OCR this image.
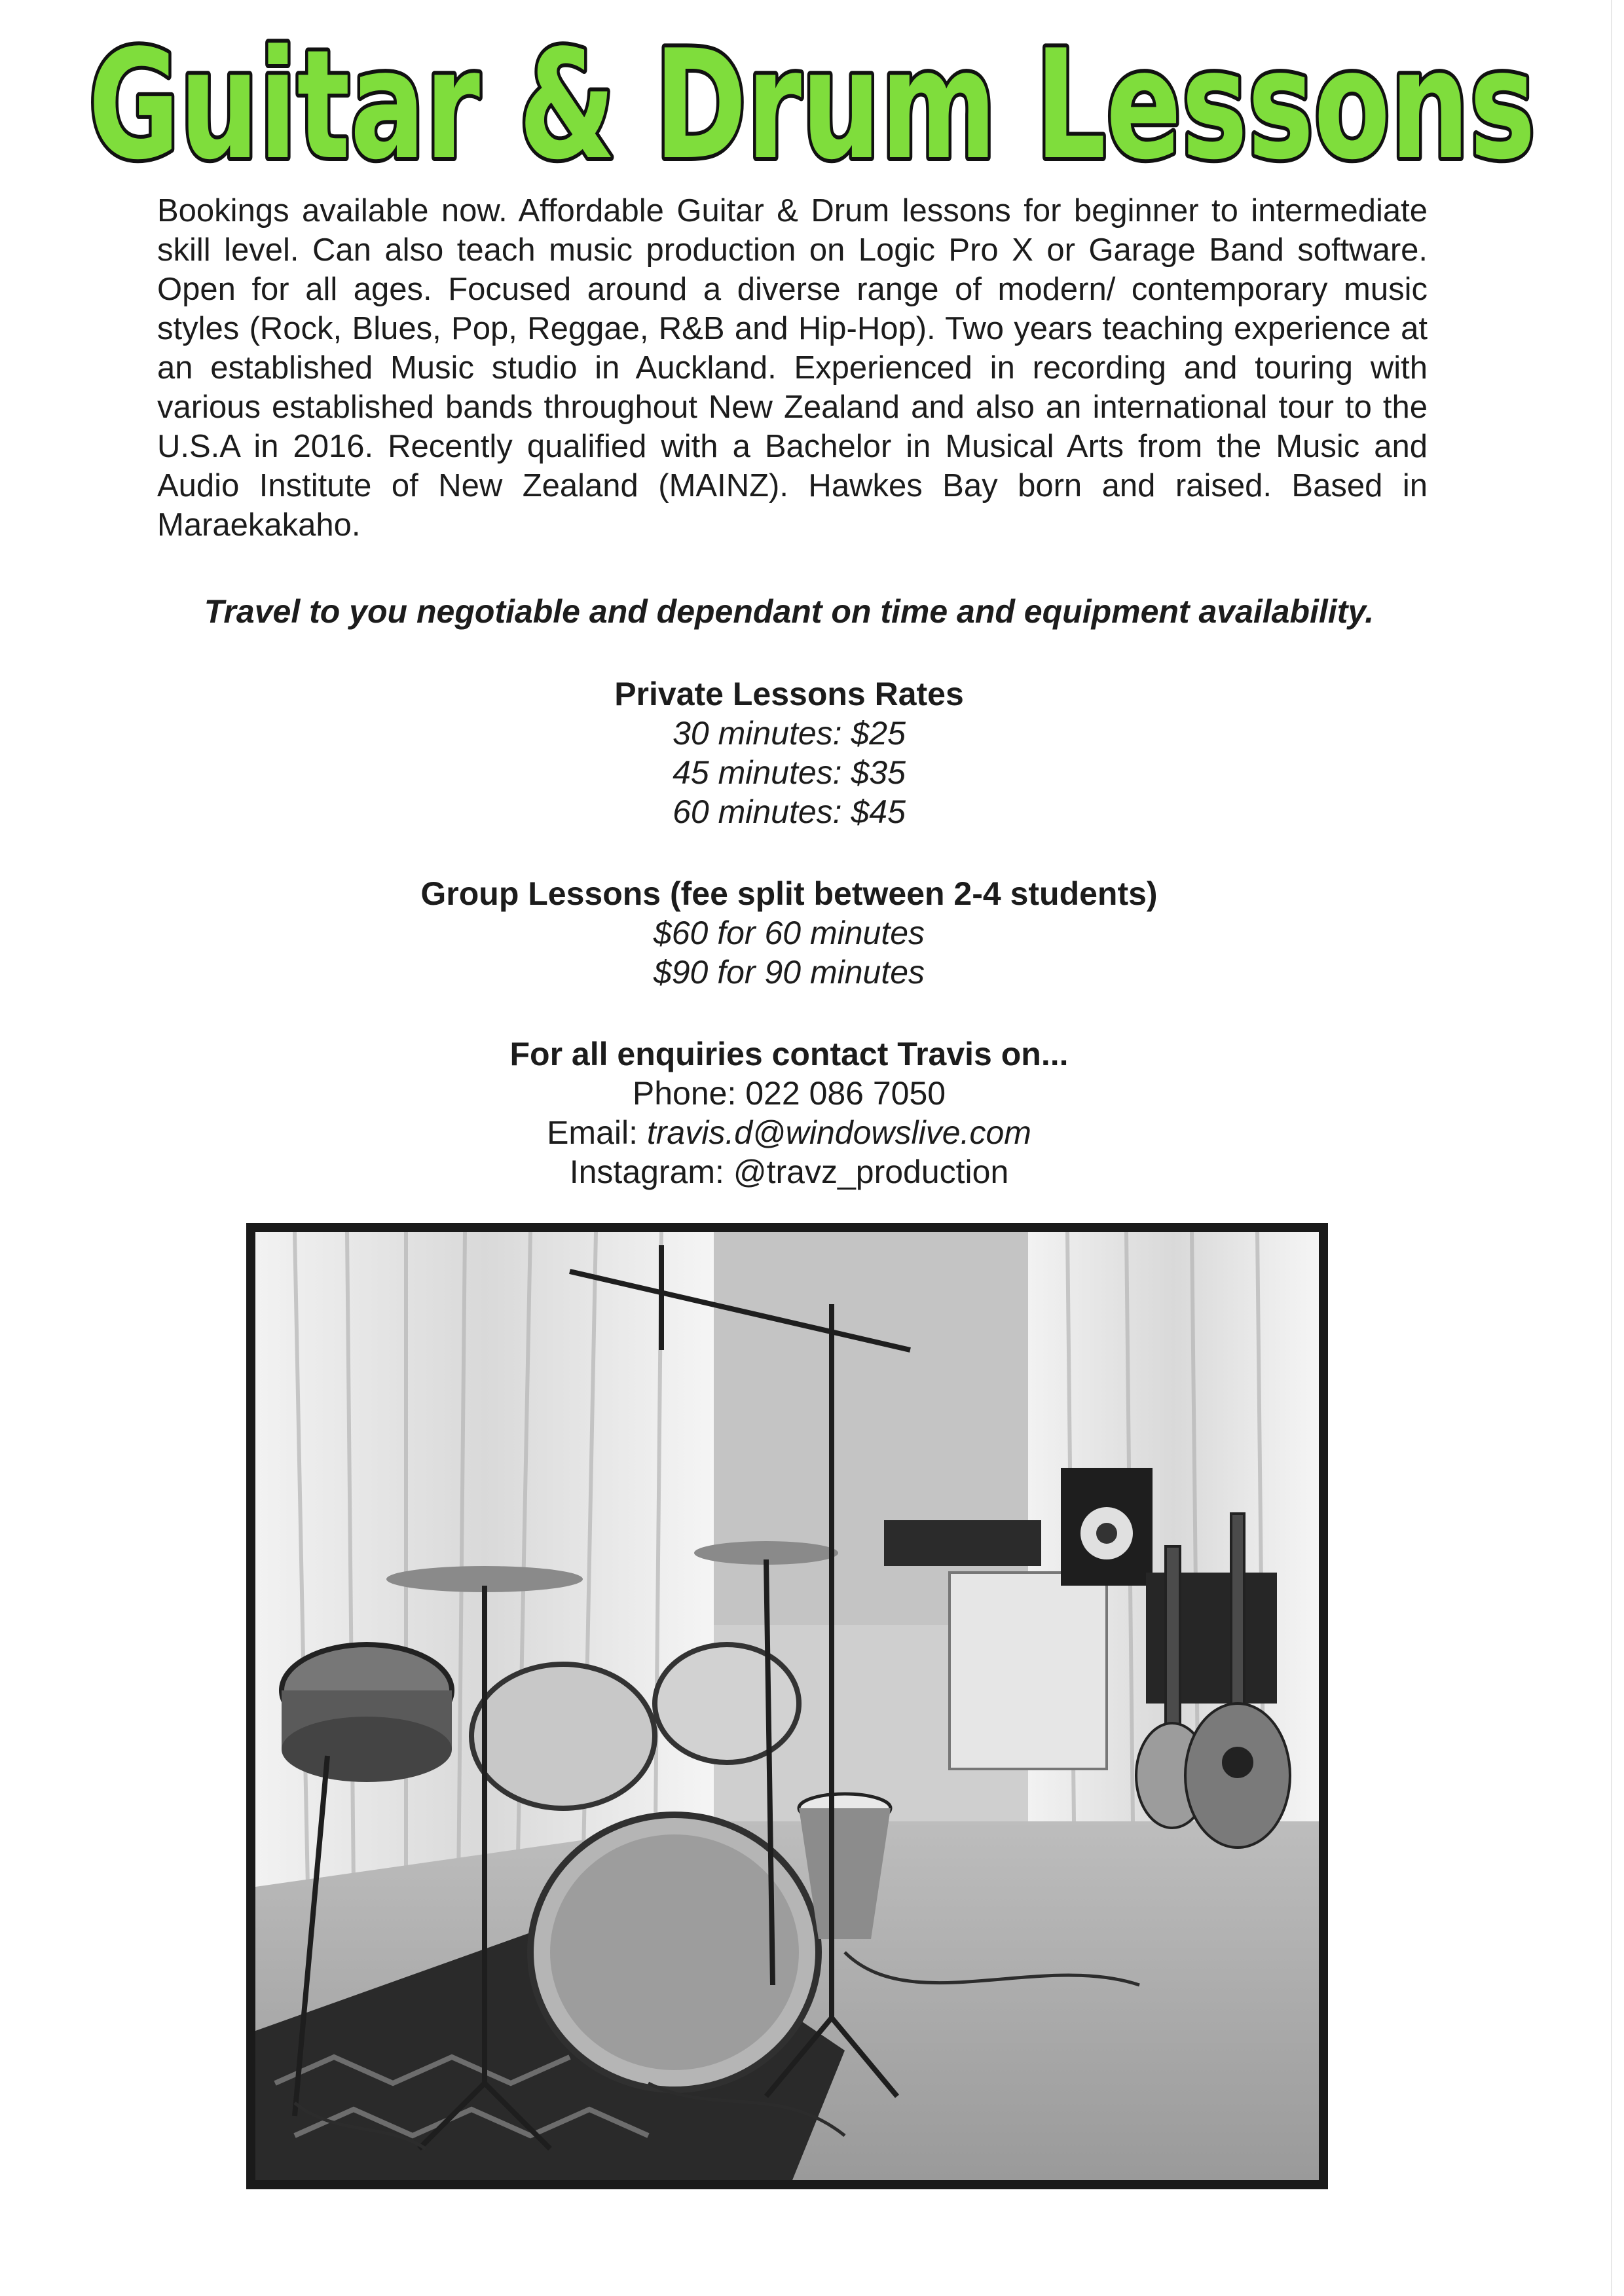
Guitar & Drum Lessons

Bookings available now. Affordable Guitar & Drum lessons for beginner to intermediate skill level. Can also teach music production on Logic Pro X or Garage Band software. Open for all ages. Focused around a diverse range of modern/ contemporary music styles (Rock, Blues, Pop, Reggae, R&B and Hip-Hop). Two years teaching experience at an established Music studio in Auckland. Experienced in recording and touring with various established bands throughout New Zealand and also an international tour to the U.S.A in 2016. Recently qualified with a Bachelor in Musical Arts from the Music and Audio Institute of New Zealand (MAINZ). Hawkes Bay born and raised. Based in Maraekakaho.

Travel to you negotiable and dependant on time and equipment availability.

Private Lessons Rates
30 minutes: $25
45 minutes: $35
60 minutes: $45
Group Lessons (fee split between 2-4 students)
$60 for 60 minutes
$90 for 90 minutes
For all enquiries contact Travis on...
Phone: 022 086 7050
Email: travis.d@windowslive.com
Instagram: @travz_production
